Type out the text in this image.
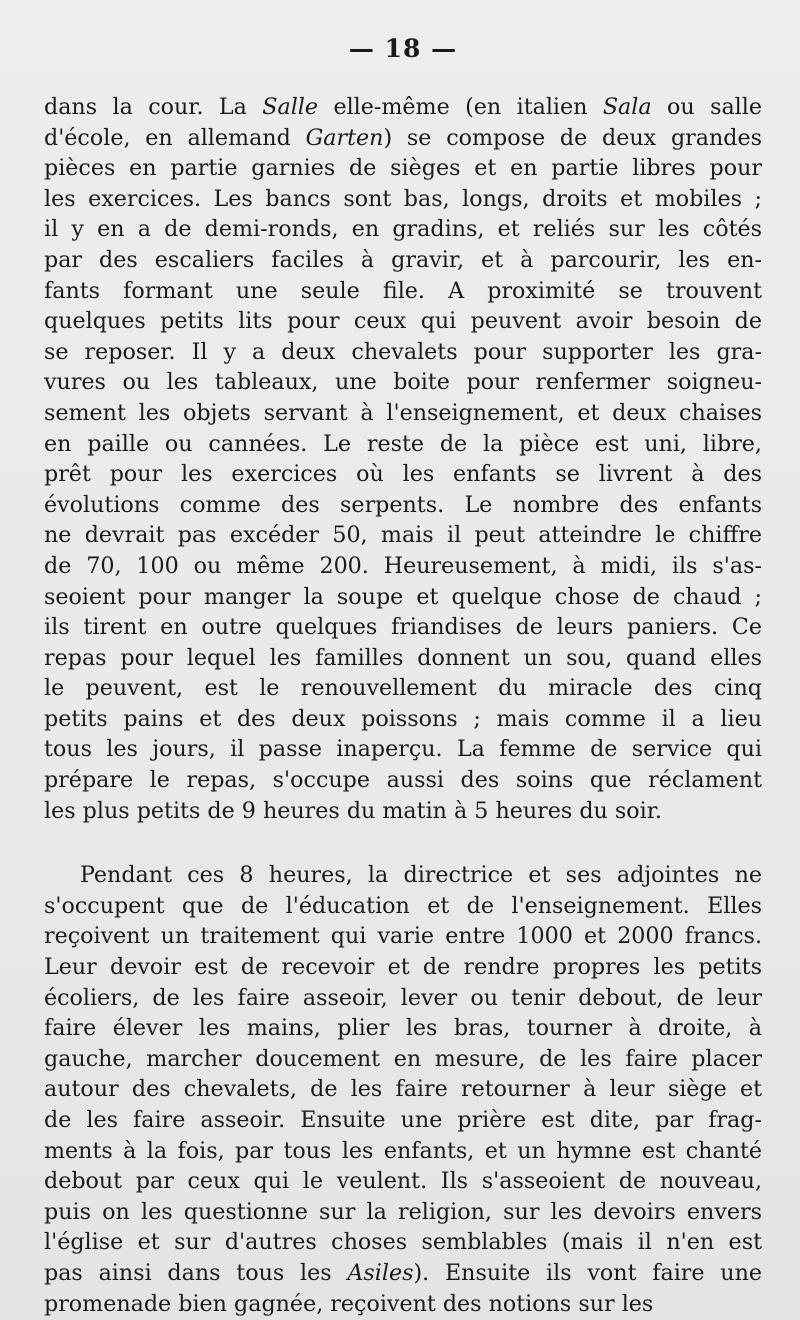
— 18 —

dans la cour. La Salle elle-même (en italien Sala ou salle
d'école, en allemand Garten) se compose de deux grandes
pièces en partie garnies de sièges et en partie libres pour
les exercices. Les bancs sont bas, longs, droits et mobiles ;
il y en a de demi-ronds, en gradins, et reliés sur les côtés
par des escaliers faciles à gravir, et à parcourir, les en-
fants formant une seule file. A proximité se trouvent
quelques petits lits pour ceux qui peuvent avoir besoin de
se reposer. Il y a deux chevalets pour supporter les gra-
vures ou les tableaux, une boite pour renfermer soigneu-
sement les objets servant à l'enseignement, et deux chaises
en paille ou cannées. Le reste de la pièce est uni, libre,
prêt pour les exercices où les enfants se livrent à des
évolutions comme des serpents. Le nombre des enfants
ne devrait pas excéder 50, mais il peut atteindre le chiffre
de 70, 100 ou même 200. Heureusement, à midi, ils s'as-
seoient pour manger la soupe et quelque chose de chaud ;
ils tirent en outre quelques friandises de leurs paniers. Ce
repas pour lequel les familles donnent un sou, quand elles
le peuvent, est le renouvellement du miracle des cinq
petits pains et des deux poissons ; mais comme il a lieu
tous les jours, il passe inaperçu. La femme de service qui
prépare le repas, s'occupe aussi des soins que réclament
les plus petits de 9 heures du matin à 5 heures du soir.

Pendant ces 8 heures, la directrice et ses adjointes ne
s'occupent que de l'éducation et de l'enseignement. Elles
reçoivent un traitement qui varie entre 1000 et 2000 francs.
Leur devoir est de recevoir et de rendre propres les petits
écoliers, de les faire asseoir, lever ou tenir debout, de leur
faire élever les mains, plier les bras, tourner à droite, à
gauche, marcher doucement en mesure, de les faire placer
autour des chevalets, de les faire retourner à leur siège et
de les faire asseoir. Ensuite une prière est dite, par frag-
ments à la fois, par tous les enfants, et un hymne est chanté
debout par ceux qui le veulent. Ils s'asseoient de nouveau,
puis on les questionne sur la religion, sur les devoirs envers
l'église et sur d'autres choses semblables (mais il n'en est
pas ainsi dans tous les Asiles). Ensuite ils vont faire une
promenade bien gagnée, reçoivent des notions sur les
